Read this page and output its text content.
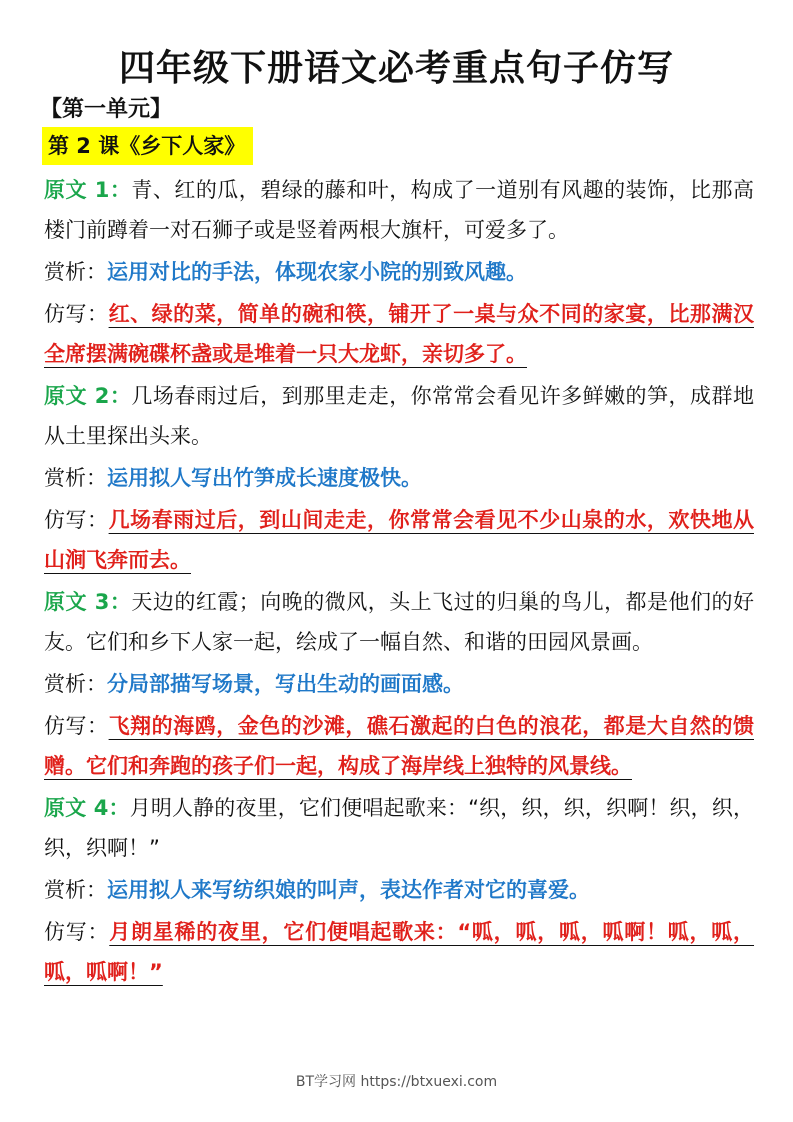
四年级下册语文必考重点句子仿写
【第一单元】
第 2 课《乡下人家》

原文 1：青、红的瓜，碧绿的藤和叶，构成了一道别有风趣的装饰，比那高楼门前蹲着一对石狮子或是竖着两根大旗杆，可爱多了。

赏析：运用对比的手法，体现农家小院的别致风趣。

仿写：红、绿的菜，简单的碗和筷，铺开了一桌与众不同的家宴，比那满汉全席摆满碗碟杯盏或是堆着一只大龙虾，亲切多了。

原文 2：几场春雨过后，到那里走走，你常常会看见许多鲜嫩的笋，成群地从土里探出头来。

赏析：运用拟人写出竹笋成长速度极快。

仿写：几场春雨过后，到山间走走，你常常会看见不少山泉的水，欢快地从山涧飞奔而去。

原文 3：天边的红霞；向晚的微风，头上飞过的归巢的鸟儿，都是他们的好友。它们和乡下人家一起，绘成了一幅自然、和谐的田园风景画。

赏析：分局部描写场景，写出生动的画面感。

仿写：飞翔的海鸥，金色的沙滩，礁石激起的白色的浪花，都是大自然的馈赠。它们和奔跑的孩子们一起，构成了海岸线上独特的风景线。

原文 4：月明人静的夜里，它们便唱起歌来：“织，织，织，织啊！织，织，织，织啊！”

赏析：运用拟人来写纺织娘的叫声，表达作者对它的喜爱。

仿写：月朗星稀的夜里，它们便唱起歌来：“呱，呱，呱，呱啊！呱，呱，呱，呱啊！”

BT学习网 https://btxuexi.com
